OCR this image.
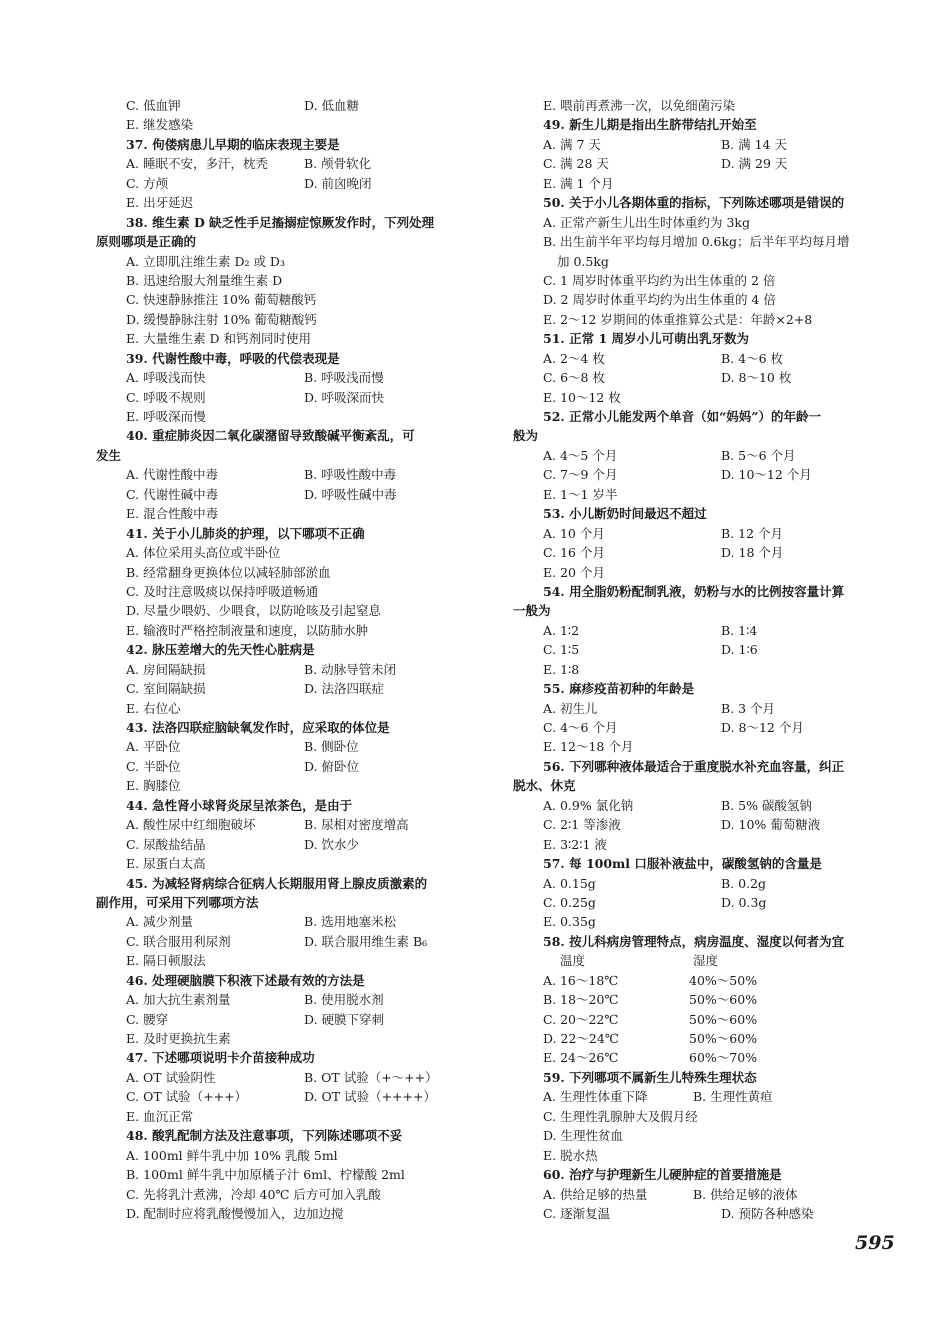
C. 低血钾	D. 低血糖
E. 继发感染
37. 佝偻病患儿早期的临床表现主要是
A. 睡眠不安，多汗，枕秃	B. 颅骨软化
C. 方颅	D. 前囟晚闭
E. 出牙延迟
38. 维生素 D 缺乏性手足搐搦症惊厥发作时，下列处理
原则哪项是正确的
A. 立即肌注维生素 D₂ 或 D₃
B. 迅速给服大剂量维生素 D
C. 快速静脉推注 10% 葡萄糖酸钙
D. 缓慢静脉注射 10% 葡萄糖酸钙
E. 大量维生素 D 和钙剂同时使用
39. 代谢性酸中毒，呼吸的代偿表现是
A. 呼吸浅而快	B. 呼吸浅而慢
C. 呼吸不规则	D. 呼吸深而快
E. 呼吸深而慢
40. 重症肺炎因二氧化碳潴留导致酸碱平衡紊乱，可
发生
A. 代谢性酸中毒	B. 呼吸性酸中毒
C. 代谢性碱中毒	D. 呼吸性碱中毒
E. 混合性酸中毒
41. 关于小儿肺炎的护理，以下哪项不正确
A. 体位采用头高位或半卧位
B. 经常翻身更换体位以减轻肺部淤血
C. 及时注意吸痰以保持呼吸道畅通
D. 尽量少喂奶、少喂食，以防呛咳及引起窒息
E. 输液时严格控制液量和速度，以防肺水肿
42. 脉压差增大的先天性心脏病是
A. 房间隔缺损	B. 动脉导管未闭
C. 室间隔缺损	D. 法洛四联症
E. 右位心
43. 法洛四联症脑缺氧发作时，应采取的体位是
A. 平卧位	B. 侧卧位
C. 半卧位	D. 俯卧位
E. 胸膝位
44. 急性肾小球肾炎尿呈浓茶色，是由于
A. 酸性尿中红细胞破坏	B. 尿相对密度增高
C. 尿酸盐结晶	D. 饮水少
E. 尿蛋白太高
45. 为减轻肾病综合征病人长期服用肾上腺皮质激素的
副作用，可采用下列哪项方法
A. 减少剂量	B. 选用地塞米松
C. 联合服用利尿剂	D. 联合服用维生素 B₆
E. 隔日顿服法
46. 处理硬脑膜下积液下述最有效的方法是
A. 加大抗生素剂量	B. 使用脱水剂
C. 腰穿	D. 硬膜下穿刺
E. 及时更换抗生素
47. 下述哪项说明卡介苗接种成功
A. OT 试验阴性	B. OT 试验（+～++）
C. OT 试验（+++）	D. OT 试验（++++）
E. 血沉正常
48. 酸乳配制方法及注意事项，下列陈述哪项不妥
A. 100ml 鲜牛乳中加 10% 乳酸 5ml
B. 100ml 鲜牛乳中加原橘子汁 6ml、柠檬酸 2ml
C. 先将乳汁煮沸，冷却 40℃ 后方可加入乳酸
D. 配制时应将乳酸慢慢加入，边加边搅
E. 喂前再煮沸一次，以免细菌污染
49. 新生儿期是指出生脐带结扎开始至
A. 满 7 天	B. 满 14 天
C. 满 28 天	D. 满 29 天
E. 满 1 个月
50. 关于小儿各期体重的指标，下列陈述哪项是错误的
A. 正常产新生儿出生时体重约为 3kg
B. 出生前半年平均每月增加 0.6kg；后半年平均每月增
加 0.5kg
C. 1 周岁时体重平均约为出生体重的 2 倍
D. 2 周岁时体重平均约为出生体重的 4 倍
E. 2～12 岁期间的体重推算公式是：年龄×2+8
51. 正常 1 周岁小儿可萌出乳牙数为
A. 2～4 枚	B. 4～6 枚
C. 6～8 枚	D. 8～10 枚
E. 10～12 枚
52. 正常小儿能发两个单音（如“妈妈”）的年龄一
般为
A. 4～5 个月	B. 5～6 个月
C. 7～9 个月	D. 10～12 个月
E. 1～1 岁半
53. 小儿断奶时间最迟不超过
A. 10 个月	B. 12 个月
C. 16 个月	D. 18 个月
E. 20 个月
54. 用全脂奶粉配制乳液，奶粉与水的比例按容量计算
一般为
A. 1∶2	B. 1∶4
C. 1∶5	D. 1∶6
E. 1∶8
55. 麻疹疫苗初种的年龄是
A. 初生儿	B. 3 个月
C. 4～6 个月	D. 8～12 个月
E. 12～18 个月
56. 下列哪种液体最适合于重度脱水补充血容量，纠正
脱水、休克
A. 0.9% 氯化钠	B. 5% 碳酸氢钠
C. 2∶1 等渗液	D. 10% 葡萄糖液
E. 3∶2∶1 液
57. 每 100ml 口服补液盐中，碳酸氢钠的含量是
A. 0.15g	B. 0.2g
C. 0.25g	D. 0.3g
E. 0.35g
58. 按儿科病房管理特点，病房温度、湿度以何者为宜
温度	湿度
A. 16～18℃	40%～50%
B. 18～20℃	50%～60%
C. 20～22℃	50%～60%
D. 22～24℃	50%～60%
E. 24～26℃	60%～70%
59. 下列哪项不属新生儿特殊生理状态
A. 生理性体重下降	B. 生理性黄疸
C. 生理性乳腺肿大及假月经
D. 生理性贫血
E. 脱水热
60. 治疗与护理新生儿硬肿症的首要措施是
A. 供给足够的热量	B. 供给足够的液体
C. 逐渐复温	D. 预防各种感染
595
